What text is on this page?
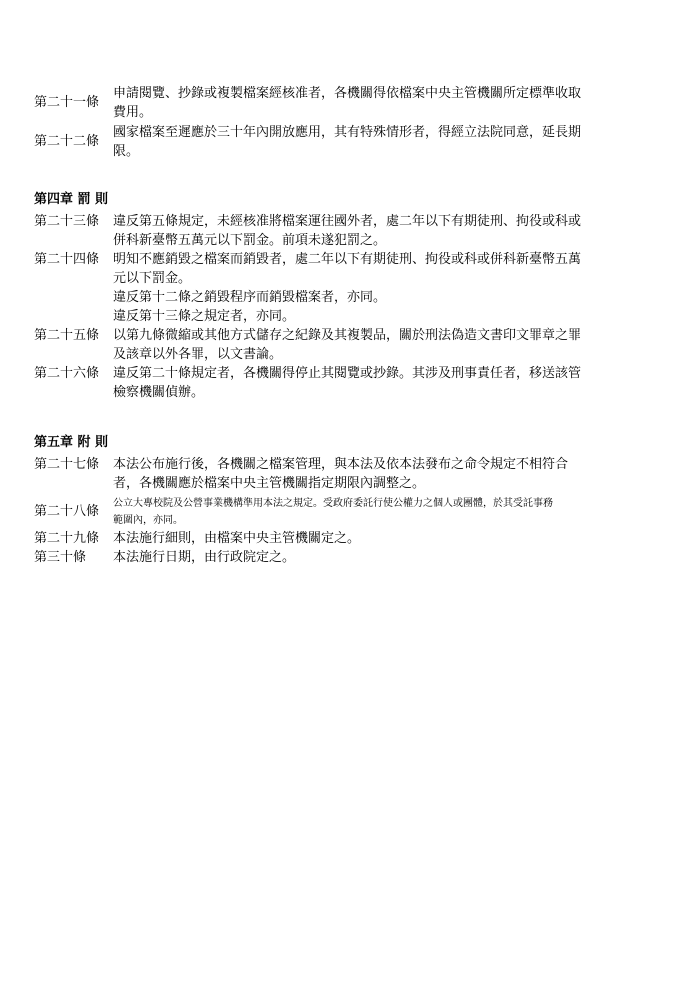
第二十一條
申請閱覽、抄錄或複製檔案經核准者，各機關得依檔案中央主管機關所定標準收取
費用。
第二十二條
國家檔案至遲應於三十年內開放應用，其有特殊情形者，得經立法院同意，延長期
限。
第四章 罰 則
第二十三條	違反第五條規定，未經核准將檔案運往國外者，處二年以下有期徒刑、拘役或科或
併科新臺幣五萬元以下罰金。前項未遂犯罰之。
第二十四條	明知不應銷毀之檔案而銷毀者，處二年以下有期徒刑、拘役或科或併科新臺幣五萬
元以下罰金。
違反第十二條之銷毀程序而銷毀檔案者，亦同。
違反第十三條之規定者，亦同。
第二十五條	以第九條微縮或其他方式儲存之紀錄及其複製品，關於刑法偽造文書印文罪章之罪
及該章以外各罪，以文書論。
第二十六條	違反第二十條規定者，各機關得停止其閱覽或抄錄。其涉及刑事責任者，移送該管
檢察機關偵辦。
第五章 附 則
第二十七條	本法公布施行後，各機關之檔案管理，與本法及依本法發布之命令規定不相符合
者，各機關應於檔案中央主管機關指定期限內調整之。
第二十八條
公立大專校院及公營事業機構準用本法之規定。受政府委託行使公權力之個人或團體，於其受託事務
範圍內，亦同。
第二十九條	本法施行細則，由檔案中央主管機關定之。
第三十條	本法施行日期，由行政院定之。
